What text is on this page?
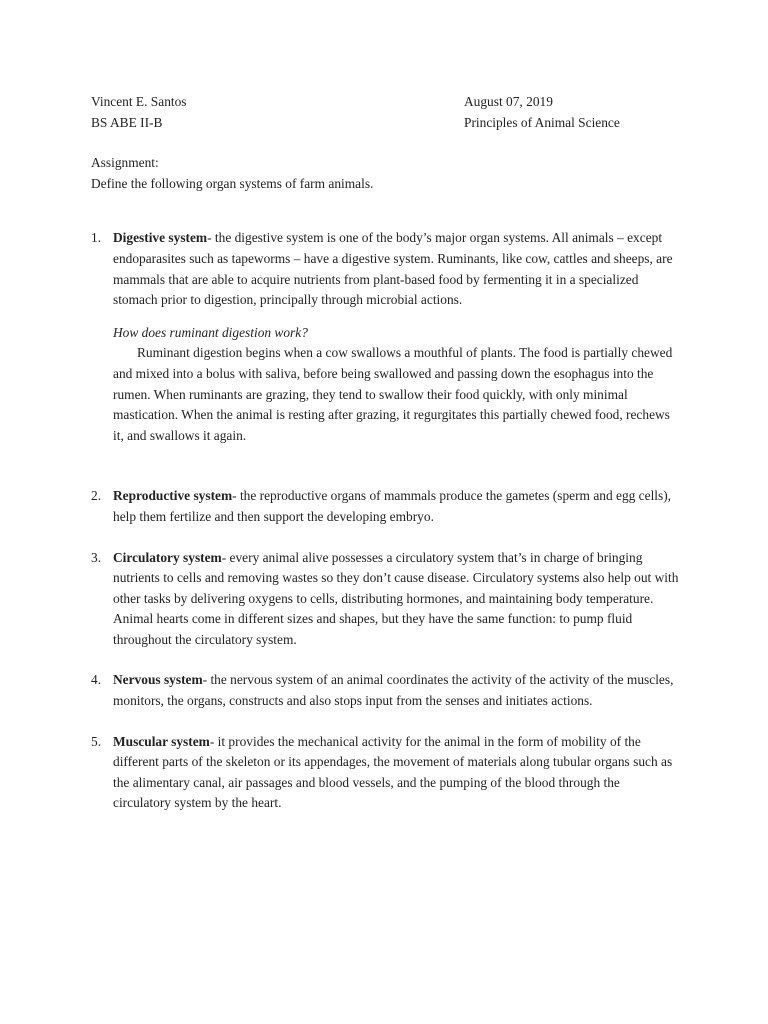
Vincent E. Santos	August 07, 2019
BS ABE II-B	Principles of Animal Science
Assignment:
Define the following organ systems of farm animals.
1. Digestive system- the digestive system is one of the body’s major organ systems. All animals – except endoparasites such as tapeworms – have a digestive system. Ruminants, like cow, cattles and sheeps, are mammals that are able to acquire nutrients from plant-based food by fermenting it in a specialized stomach prior to digestion, principally through microbial actions.
How does ruminant digestion work?
Ruminant digestion begins when a cow swallows a mouthful of plants. The food is partially chewed and mixed into a bolus with saliva, before being swallowed and passing down the esophagus into the rumen. When ruminants are grazing, they tend to swallow their food quickly, with only minimal mastication. When the animal is resting after grazing, it regurgitates this partially chewed food, rechews it, and swallows it again.
2. Reproductive system- the reproductive organs of mammals produce the gametes (sperm and egg cells), help them fertilize and then support the developing embryo.
3. Circulatory system- every animal alive possesses a circulatory system that’s in charge of bringing nutrients to cells and removing wastes so they don’t cause disease. Circulatory systems also help out with other tasks by delivering oxygens to cells, distributing hormones, and maintaining body temperature. Animal hearts come in different sizes and shapes, but they have the same function: to pump fluid throughout the circulatory system.
4. Nervous system- the nervous system of an animal coordinates the activity of the activity of the muscles, monitors, the organs, constructs and also stops input from the senses and initiates actions.
5. Muscular system- it provides the mechanical activity for the animal in the form of mobility of the different parts of the skeleton or its appendages, the movement of materials along tubular organs such as the alimentary canal, air passages and blood vessels, and the pumping of the blood through the circulatory system by the heart.
